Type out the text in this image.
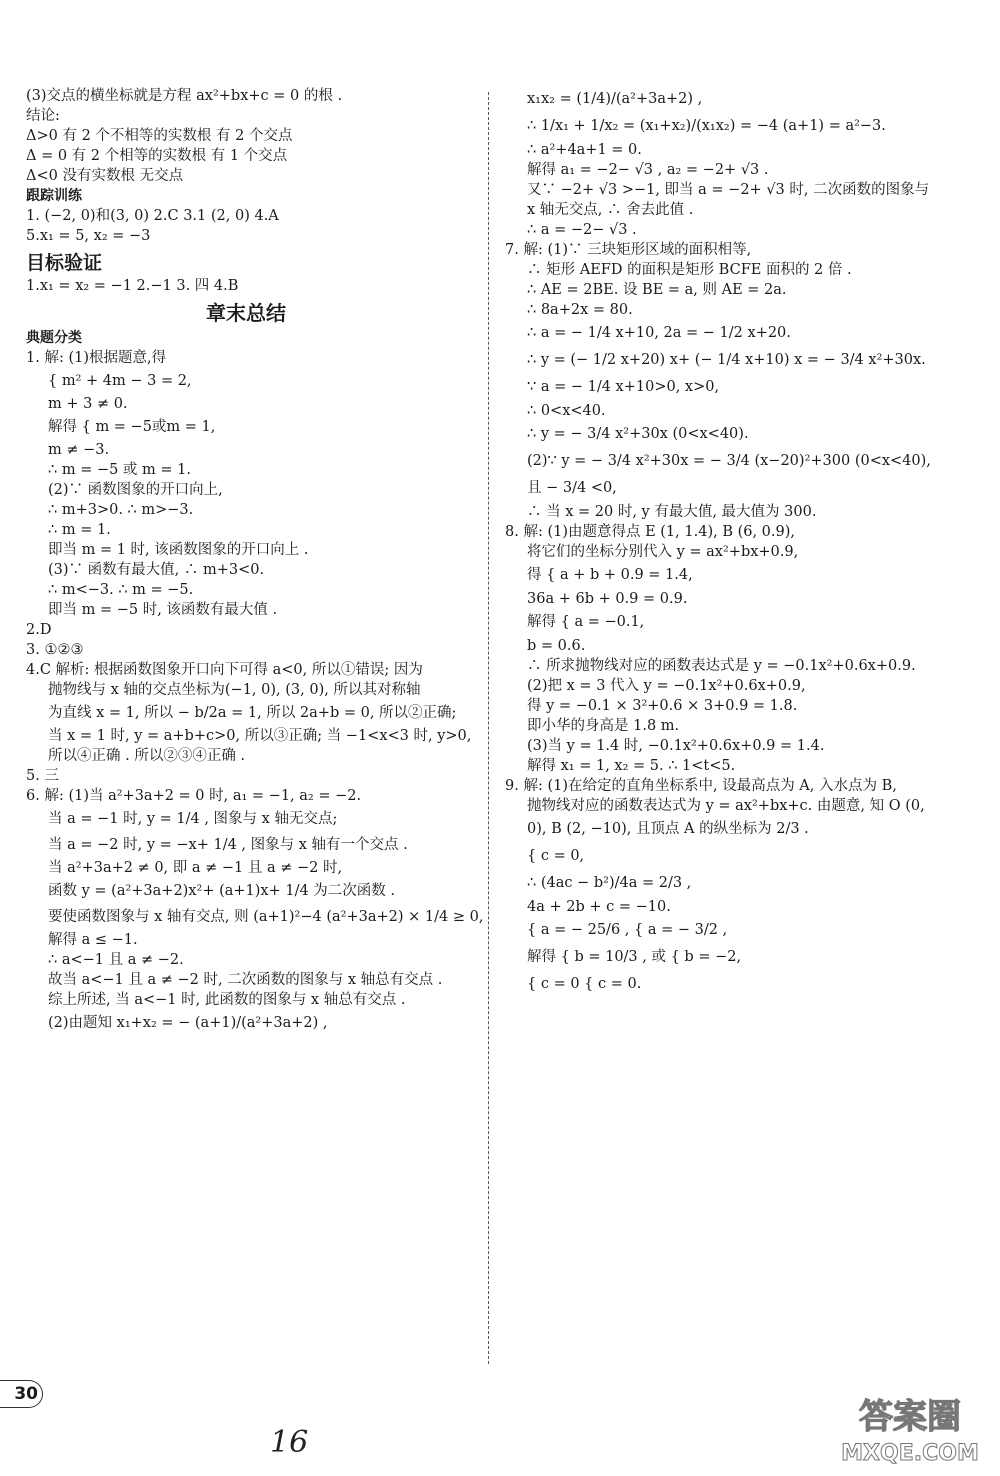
(3)交点的横坐标就是方程 ax²+bx+c = 0 的根 .
结论:
Δ>0 有 2 个不相等的实数根 有 2 个交点
Δ = 0 有 2 个相等的实数根 有 1 个交点
Δ<0 没有实数根 无交点
跟踪训练
1. (−2, 0)和(3, 0) 2.C 3.1 (2, 0) 4.A
5.x₁ = 5, x₂ = −3
目标验证
1.x₁ = x₂ = −1 2.−1 3. 四 4.B
章末总结
典题分类
1. 解: (1)根据题意,得
{ m² + 4m − 3 = 2,
m + 3 ≠ 0.
解得 { m = −5或m = 1,
m ≠ −3.
∴ m = −5 或 m = 1.
(2)∵ 函数图象的开口向上,
∴ m+3>0. ∴ m>−3.
∴ m = 1.
即当 m = 1 时, 该函数图象的开口向上 .
(3)∵ 函数有最大值, ∴ m+3<0.
∴ m<−3. ∴ m = −5.
即当 m = −5 时, 该函数有最大值 .
2.D
3. ①②③
4.C 解析: 根据函数图象开口向下可得 a<0, 所以①错误; 因为
抛物线与 x 轴的交点坐标为(−1, 0), (3, 0), 所以其对称轴
为直线 x = 1, 所以 − b/2a = 1, 所以 2a+b = 0, 所以②正确;
当 x = 1 时, y = a+b+c>0, 所以③正确; 当 −1<x<3 时, y>0,
所以④正确 . 所以②③④正确 .
5. 三
6. 解: (1)当 a²+3a+2 = 0 时, a₁ = −1, a₂ = −2.
当 a = −1 时, y = 1/4 , 图象与 x 轴无交点;
当 a = −2 时, y = −x+ 1/4 , 图象与 x 轴有一个交点 .
当 a²+3a+2 ≠ 0, 即 a ≠ −1 且 a ≠ −2 时,
函数 y = (a²+3a+2)x²+ (a+1)x+ 1/4 为二次函数 .
要使函数图象与 x 轴有交点, 则 (a+1)²−4 (a²+3a+2) × 1/4 ≥ 0,
解得 a ≤ −1.
∴ a<−1 且 a ≠ −2.
故当 a<−1 且 a ≠ −2 时, 二次函数的图象与 x 轴总有交点 .
综上所述, 当 a<−1 时, 此函数的图象与 x 轴总有交点 .
(2)由题知 x₁+x₂ = − (a+1)/(a²+3a+2) ,
x₁x₂ = (1/4)/(a²+3a+2) ,
∴ 1/x₁ + 1/x₂ = (x₁+x₂)/(x₁x₂) = −4 (a+1) = a²−3.
∴ a²+4a+1 = 0.
解得 a₁ = −2− √3 , a₂ = −2+ √3 .
又∵ −2+ √3 >−1, 即当 a = −2+ √3 时, 二次函数的图象与
x 轴无交点, ∴ 舍去此值 .
∴ a = −2− √3 .
7. 解: (1)∵ 三块矩形区域的面积相等,
∴ 矩形 AEFD 的面积是矩形 BCFE 面积的 2 倍 .
∴ AE = 2BE. 设 BE = a, 则 AE = 2a.
∴ 8a+2x = 80.
∴ a = − 1/4 x+10, 2a = − 1/2 x+20.
∴ y = (− 1/2 x+20) x+ (− 1/4 x+10) x = − 3/4 x²+30x.
∵ a = − 1/4 x+10>0, x>0,
∴ 0<x<40.
∴ y = − 3/4 x²+30x (0<x<40).
(2)∵ y = − 3/4 x²+30x = − 3/4 (x−20)²+300 (0<x<40),
且 − 3/4 <0,
∴ 当 x = 20 时, y 有最大值, 最大值为 300.
8. 解: (1)由题意得点 E (1, 1.4), B (6, 0.9),
将它们的坐标分别代入 y = ax²+bx+0.9,
得 { a + b + 0.9 = 1.4,
36a + 6b + 0.9 = 0.9.
解得 { a = −0.1,
b = 0.6.
∴ 所求抛物线对应的函数表达式是 y = −0.1x²+0.6x+0.9.
(2)把 x = 3 代入 y = −0.1x²+0.6x+0.9,
得 y = −0.1 × 3²+0.6 × 3+0.9 = 1.8.
即小华的身高是 1.8 m.
(3)当 y = 1.4 时, −0.1x²+0.6x+0.9 = 1.4.
解得 x₁ = 1, x₂ = 5. ∴ 1<t<5.
9. 解: (1)在给定的直角坐标系中, 设最高点为 A, 入水点为 B,
抛物线对应的函数表达式为 y = ax²+bx+c. 由题意, 知 O (0,
0), B (2, −10), 且顶点 A 的纵坐标为 2/3 .
{ c = 0,
∴ (4ac − b²)/4a = 2/3 ,
4a + 2b + c = −10.
{ a = − 25/6 , { a = − 3/2 ,
解得 { b = 10/3 , 或 { b = −2,
{ c = 0 { c = 0.
30
16
答案圈
MXQE.COM
